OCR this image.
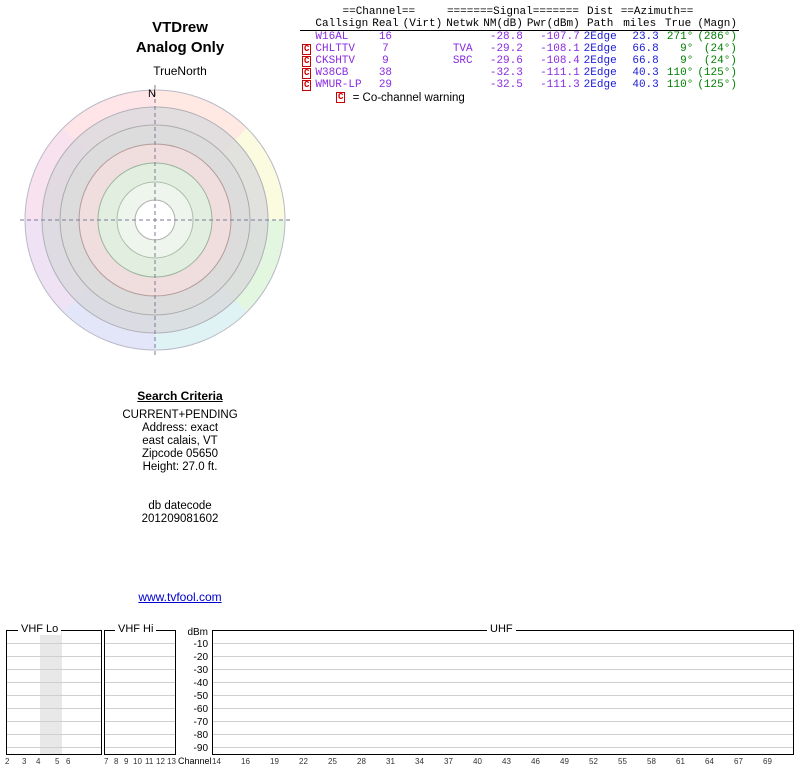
VTDrew
Analog Only
TrueNorth
N
Search Criteria
CURRENT+PENDING
Address: exact
east calais, VT
Zipcode 05650
Height: 27.0 ft.
db datecode
201209081602
www.tvfool.com
	==Channel==			=======Signal=======			Dist	==Azimuth==		
	Callsign	Real	(Virt)	Netwk	NM(dB)	Pwr(dBm)	Path	miles	True	(Magn)
	W16AL	16			-28.8	-107.7	2Edge	23.3	271°	(286°)
C	CHLTTV	7		TVA	-29.2	-108.1	2Edge	66.8	9°	(24°)
C	CKSHTV	9		SRC	-29.6	-108.4	2Edge	66.8	9°	(24°)
C	W38CB	38			-32.3	-111.1	2Edge	40.3	110°	(125°)
C	WMUR-LP	29			-32.5	-111.3	2Edge	40.3	110°	(125°)
C = Co-channel warning
VHF Lo	VHF Hi	UHF
dBm
-10
-20
-30
-40
-50
-60
-70
-80
-90
2 3 4 5 6	7 8 9 10 11 12 13 Channel 14	16	19	22	25	28	31	34	37	40	43	46	49	52	55	58	61	64	67	69
